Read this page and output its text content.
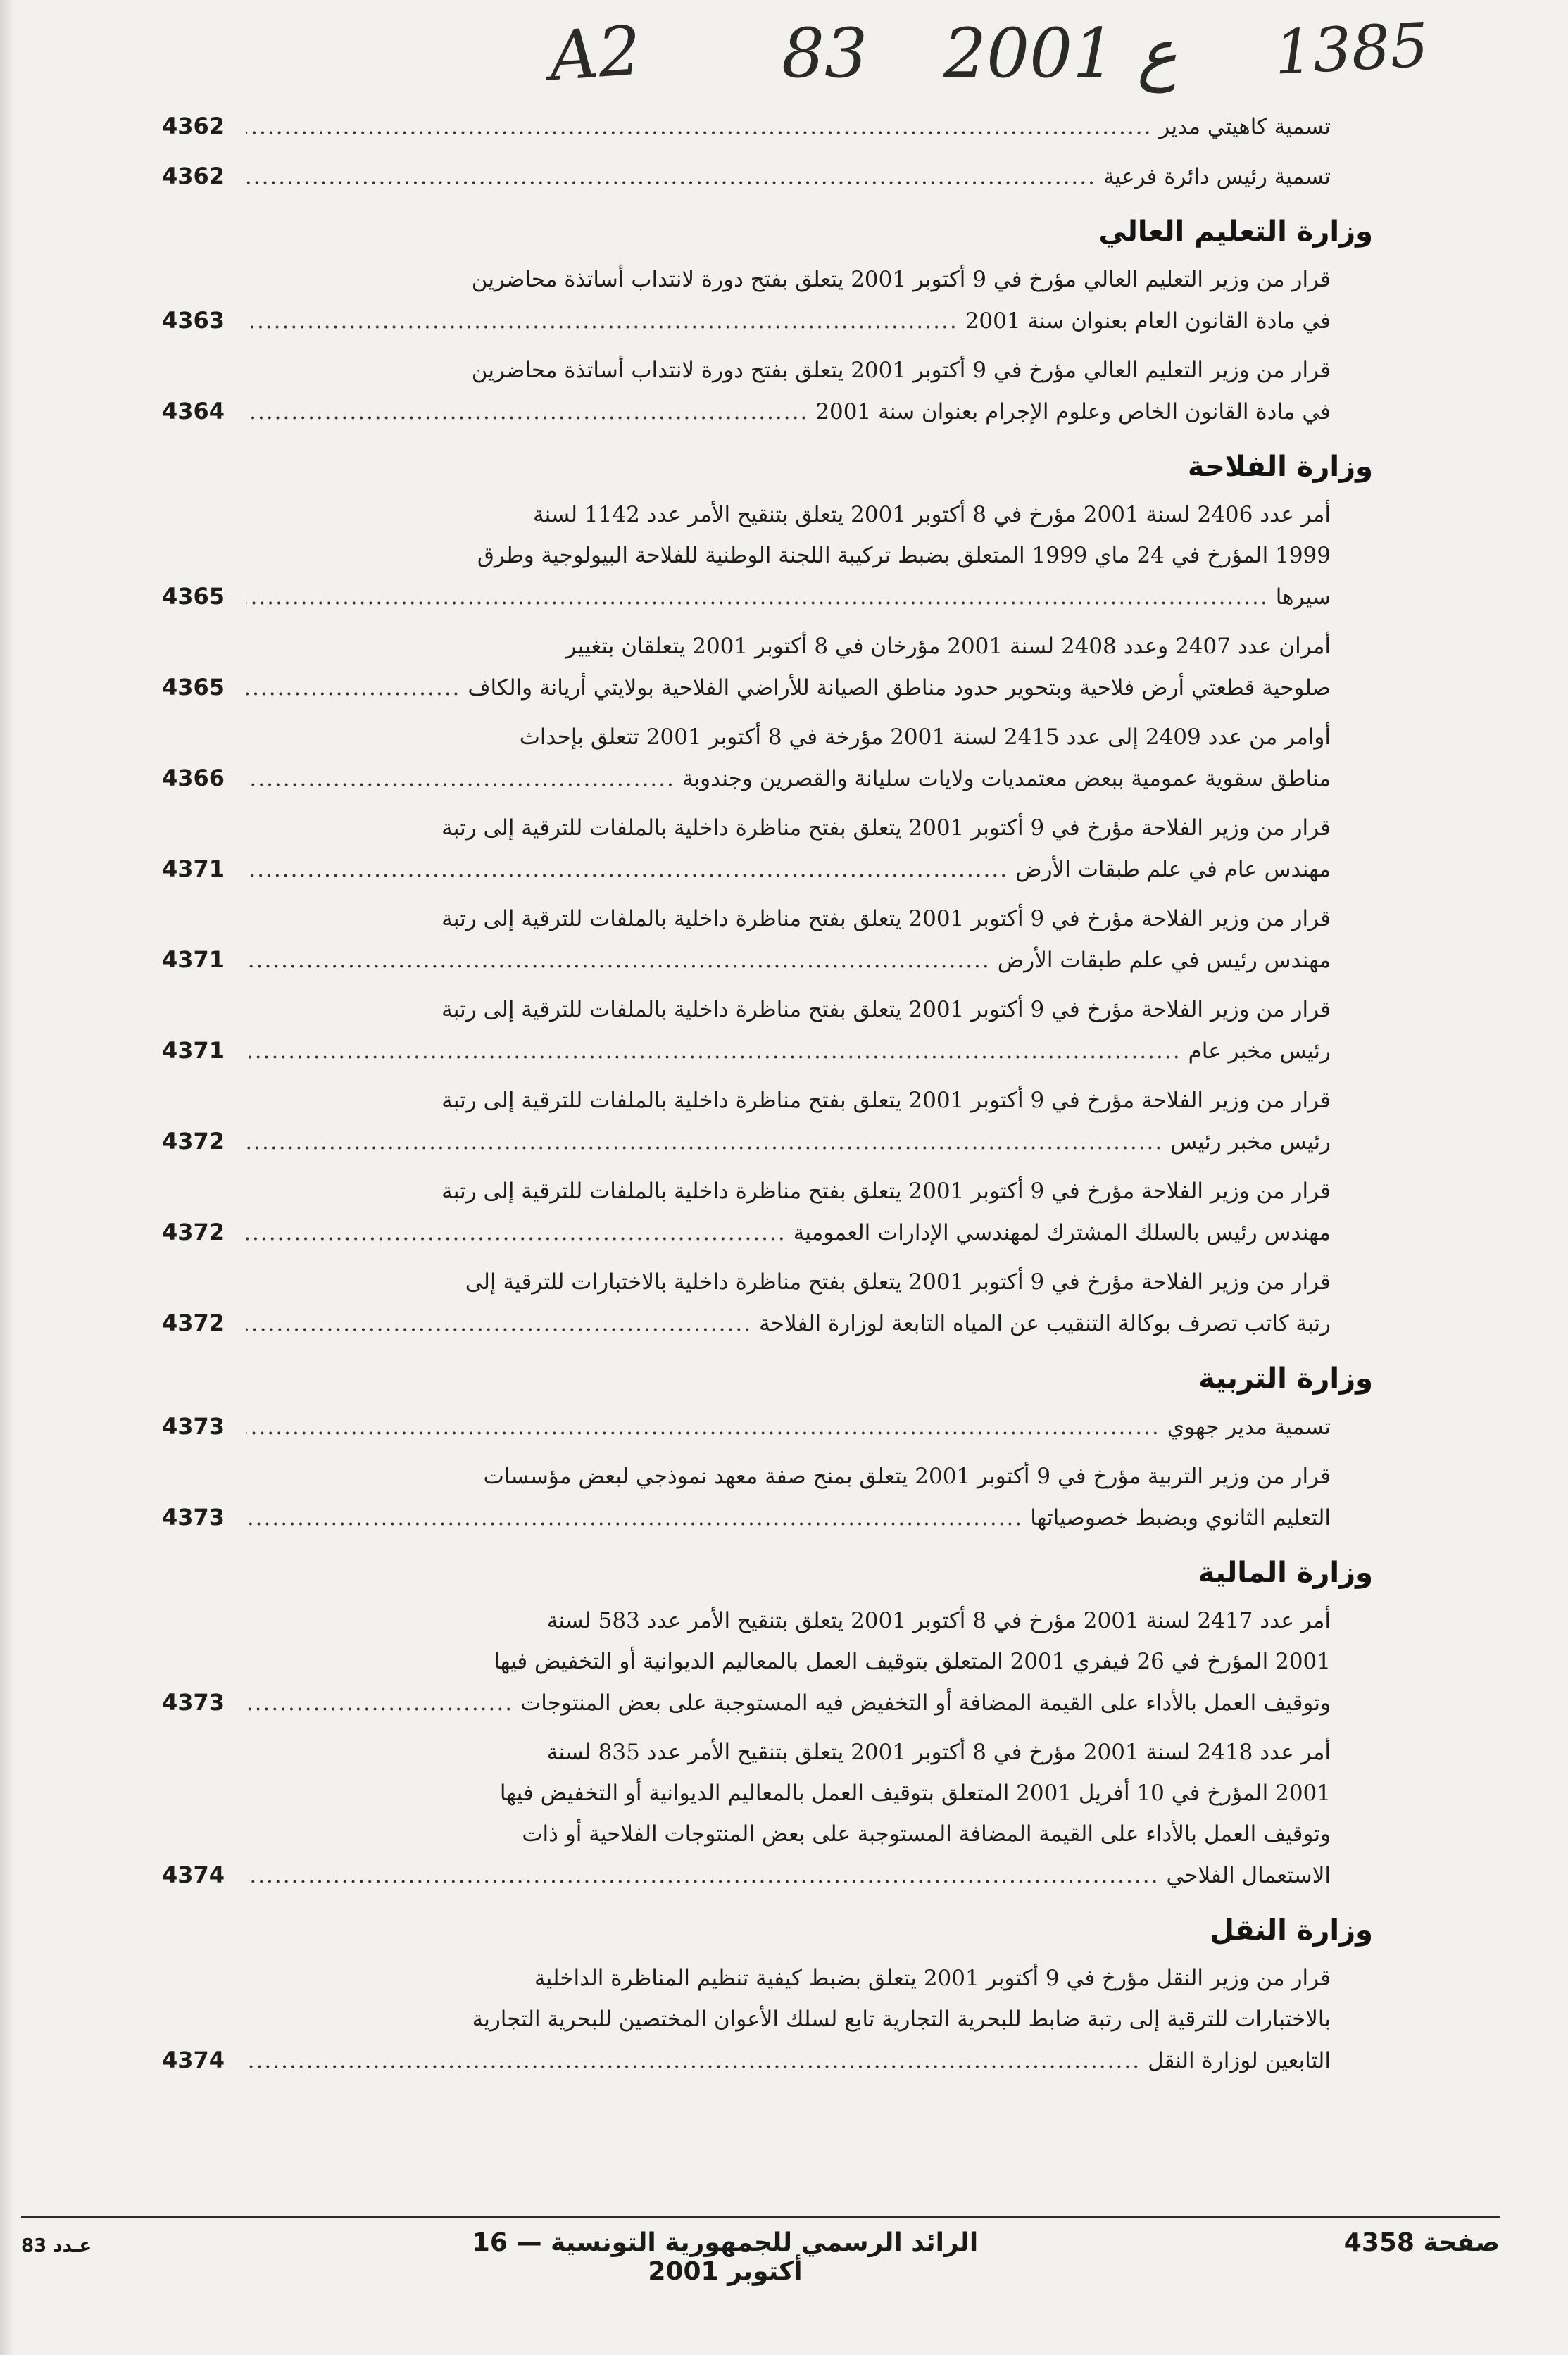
A2 83 ع 2001 1385
تسمية كاهيتي مدير
.....
4362
تسمية رئيس دائرة فرعية
.....
4362
وزارة التعليم العالي
قرار من وزير التعليم العالي مؤرخ في 9 أكتوبر 2001 يتعلق بفتح دورة لانتداب أساتذة محاضرين
في مادة القانون العام بعنوان سنة 2001
.....
4363
قرار من وزير التعليم العالي مؤرخ في 9 أكتوبر 2001 يتعلق بفتح دورة لانتداب أساتذة محاضرين
في مادة القانون الخاص وعلوم الإجرام بعنوان سنة 2001
.....
4364
وزارة الفلاحة
أمر عدد 2406 لسنة 2001 مؤرخ في 8 أكتوبر 2001 يتعلق بتنقيح الأمر عدد 1142 لسنة
1999 المؤرخ في 24 ماي 1999 المتعلق بضبط تركيبة اللجنة الوطنية للفلاحة البيولوجية وطرق
سيرها
.....
4365
أمران عدد 2407 وعدد 2408 لسنة 2001 مؤرخان في 8 أكتوبر 2001 يتعلقان بتغيير
صلوحية قطعتي أرض فلاحية وبتحوير حدود مناطق الصيانة للأراضي الفلاحية بولايتي أريانة والكاف
.....
4365
أوامر من عدد 2409 إلى عدد 2415 لسنة 2001 مؤرخة في 8 أكتوبر 2001 تتعلق بإحداث
مناطق سقوية عمومية ببعض معتمديات ولايات سليانة والقصرين وجندوبة
.....
4366
قرار من وزير الفلاحة مؤرخ في 9 أكتوبر 2001 يتعلق بفتح مناظرة داخلية بالملفات للترقية إلى رتبة
مهندس عام في علم طبقات الأرض
.....
4371
قرار من وزير الفلاحة مؤرخ في 9 أكتوبر 2001 يتعلق بفتح مناظرة داخلية بالملفات للترقية إلى رتبة
مهندس رئيس في علم طبقات الأرض
.....
4371
قرار من وزير الفلاحة مؤرخ في 9 أكتوبر 2001 يتعلق بفتح مناظرة داخلية بالملفات للترقية إلى رتبة
رئيس مخبر عام
.....
4371
قرار من وزير الفلاحة مؤرخ في 9 أكتوبر 2001 يتعلق بفتح مناظرة داخلية بالملفات للترقية إلى رتبة
رئيس مخبر رئيس
.....
4372
قرار من وزير الفلاحة مؤرخ في 9 أكتوبر 2001 يتعلق بفتح مناظرة داخلية بالملفات للترقية إلى رتبة
مهندس رئيس بالسلك المشترك لمهندسي الإدارات العمومية
.....
4372
قرار من وزير الفلاحة مؤرخ في 9 أكتوبر 2001 يتعلق بفتح مناظرة داخلية بالاختبارات للترقية إلى
رتبة كاتب تصرف بوكالة التنقيب عن المياه التابعة لوزارة الفلاحة
.....
4372
وزارة التربية
تسمية مدير جهوي
.....
4373
قرار من وزير التربية مؤرخ في 9 أكتوبر 2001 يتعلق بمنح صفة معهد نموذجي لبعض مؤسسات
التعليم الثانوي وبضبط خصوصياتها
.....
4373
وزارة المالية
أمر عدد 2417 لسنة 2001 مؤرخ في 8 أكتوبر 2001 يتعلق بتنقيح الأمر عدد 583 لسنة
2001 المؤرخ في 26 فيفري 2001 المتعلق بتوقيف العمل بالمعاليم الديوانية أو التخفيض فيها
وتوقيف العمل بالأداء على القيمة المضافة أو التخفيض فيه المستوجبة على بعض المنتوجات
.....
4373
أمر عدد 2418 لسنة 2001 مؤرخ في 8 أكتوبر 2001 يتعلق بتنقيح الأمر عدد 835 لسنة
2001 المؤرخ في 10 أفريل 2001 المتعلق بتوقيف العمل بالمعاليم الديوانية أو التخفيض فيها
وتوقيف العمل بالأداء على القيمة المضافة المستوجبة على بعض المنتوجات الفلاحية أو ذات
الاستعمال الفلاحي
.....
4374
وزارة النقل
قرار من وزير النقل مؤرخ في 9 أكتوبر 2001 يتعلق بضبط كيفية تنظيم المناظرة الداخلية
بالاختبارات للترقية إلى رتبة ضابط للبحرية التجارية تابع لسلك الأعوان المختصين للبحرية التجارية
التابعين لوزارة النقل
.....
4374
صفحة 4358
الرائد الرسمي للجمهورية التونسية — 16 أكتوبر 2001
عـدد 83
